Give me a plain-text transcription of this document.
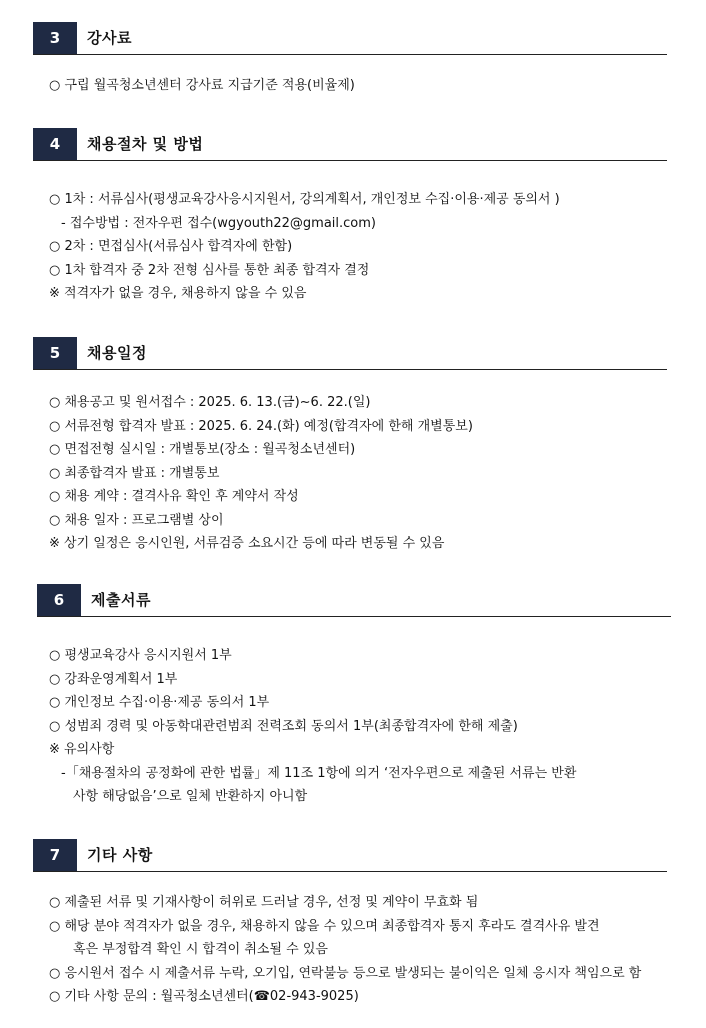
3	강사료
○ 구립 월곡청소년센터 강사료 지급기준 적용(비율제)
4	채용절차 및 방법
○ 1차 : 서류심사(평생교육강사응시지원서, 강의계획서, 개인정보 수집·이용·제공 동의서 )
- 접수방법 : 전자우편 접수(wgyouth22@gmail.com)
○ 2차 : 면접심사(서류심사 합격자에 한함)
○ 1차 합격자 중 2차 전형 심사를 통한 최종 합격자 결정
※ 적격자가 없을 경우, 채용하지 않을 수 있음
5	채용일정
○ 채용공고 및 원서접수 : 2025. 6. 13.(금)~6. 22.(일)
○ 서류전형 합격자 발표 : 2025. 6. 24.(화) 예정(합격자에 한해 개별통보)
○ 면접전형 실시일 : 개별통보(장소 : 월곡청소년센터)
○ 최종합격자 발표 : 개별통보
○ 채용 계약 : 결격사유 확인 후 계약서 작성
○ 채용 일자 : 프로그램별 상이
※ 상기 일정은 응시인원, 서류검증 소요시간 등에 따라 변동될 수 있음
6	제출서류
○ 평생교육강사 응시지원서 1부
○ 강좌운영계획서 1부
○ 개인정보 수집·이용·제공 동의서 1부
○ 성범죄 경력 및 아동학대관련범죄 전력조회 동의서 1부(최종합격자에 한해 제출)
※ 유의사항
-「채용절차의 공정화에 관한 법률」제 11조 1항에 의거 ‘전자우편으로 제출된 서류는 반환
사항 해당없음’으로 일체 반환하지 아니함
7	기타 사항
○ 제출된 서류 및 기재사항이 허위로 드러날 경우, 선정 및 계약이 무효화 됨
○ 해당 분야 적격자가 없을 경우, 채용하지 않을 수 있으며 최종합격자 통지 후라도 결격사유 발견
혹은 부정합격 확인 시 합격이 취소될 수 있음
○ 응시원서 접수 시 제출서류 누락, 오기입, 연락불능 등으로 발생되는 불이익은 일체 응시자 책임으로 함
○ 기타 사항 문의 : 월곡청소년센터(☎02-943-9025)
